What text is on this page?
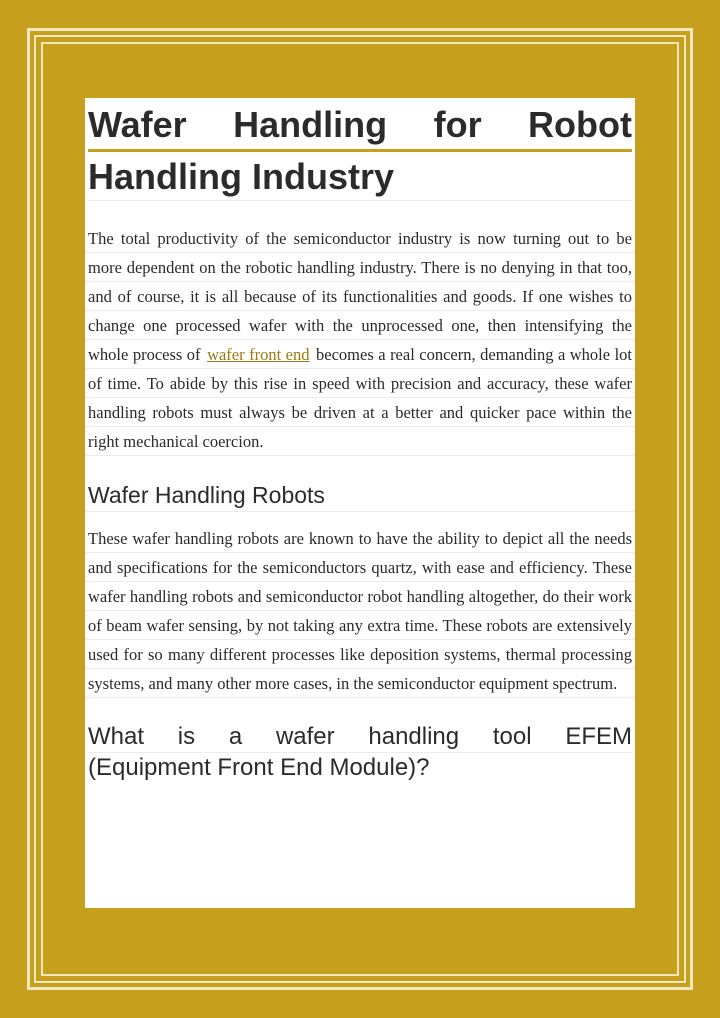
Wafer Handling for Robot
Handling Industry

The total productivity of the semiconductor industry is now turning out to be more dependent on the robotic handling industry. There is no denying in that too, and of course, it is all because of its functionalities and goods. If one wishes to change one processed wafer with the unprocessed one, then intensifying the whole process of wafer front end becomes a real concern, demanding a whole lot of time. To abide by this rise in speed with precision and accuracy, these wafer handling robots must always be driven at a better and quicker pace within the right mechanical coercion.

Wafer Handling Robots

These wafer handling robots are known to have the ability to depict all the needs and specifications for the semiconductors quartz, with ease and efficiency. These wafer handling robots and semiconductor robot handling altogether, do their work of beam wafer sensing, by not taking any extra time. These robots are extensively used for so many different processes like deposition systems, thermal processing systems, and many other more cases, in the semiconductor equipment spectrum.

What is a wafer handling tool EFEM
(Equipment Front End Module)?
